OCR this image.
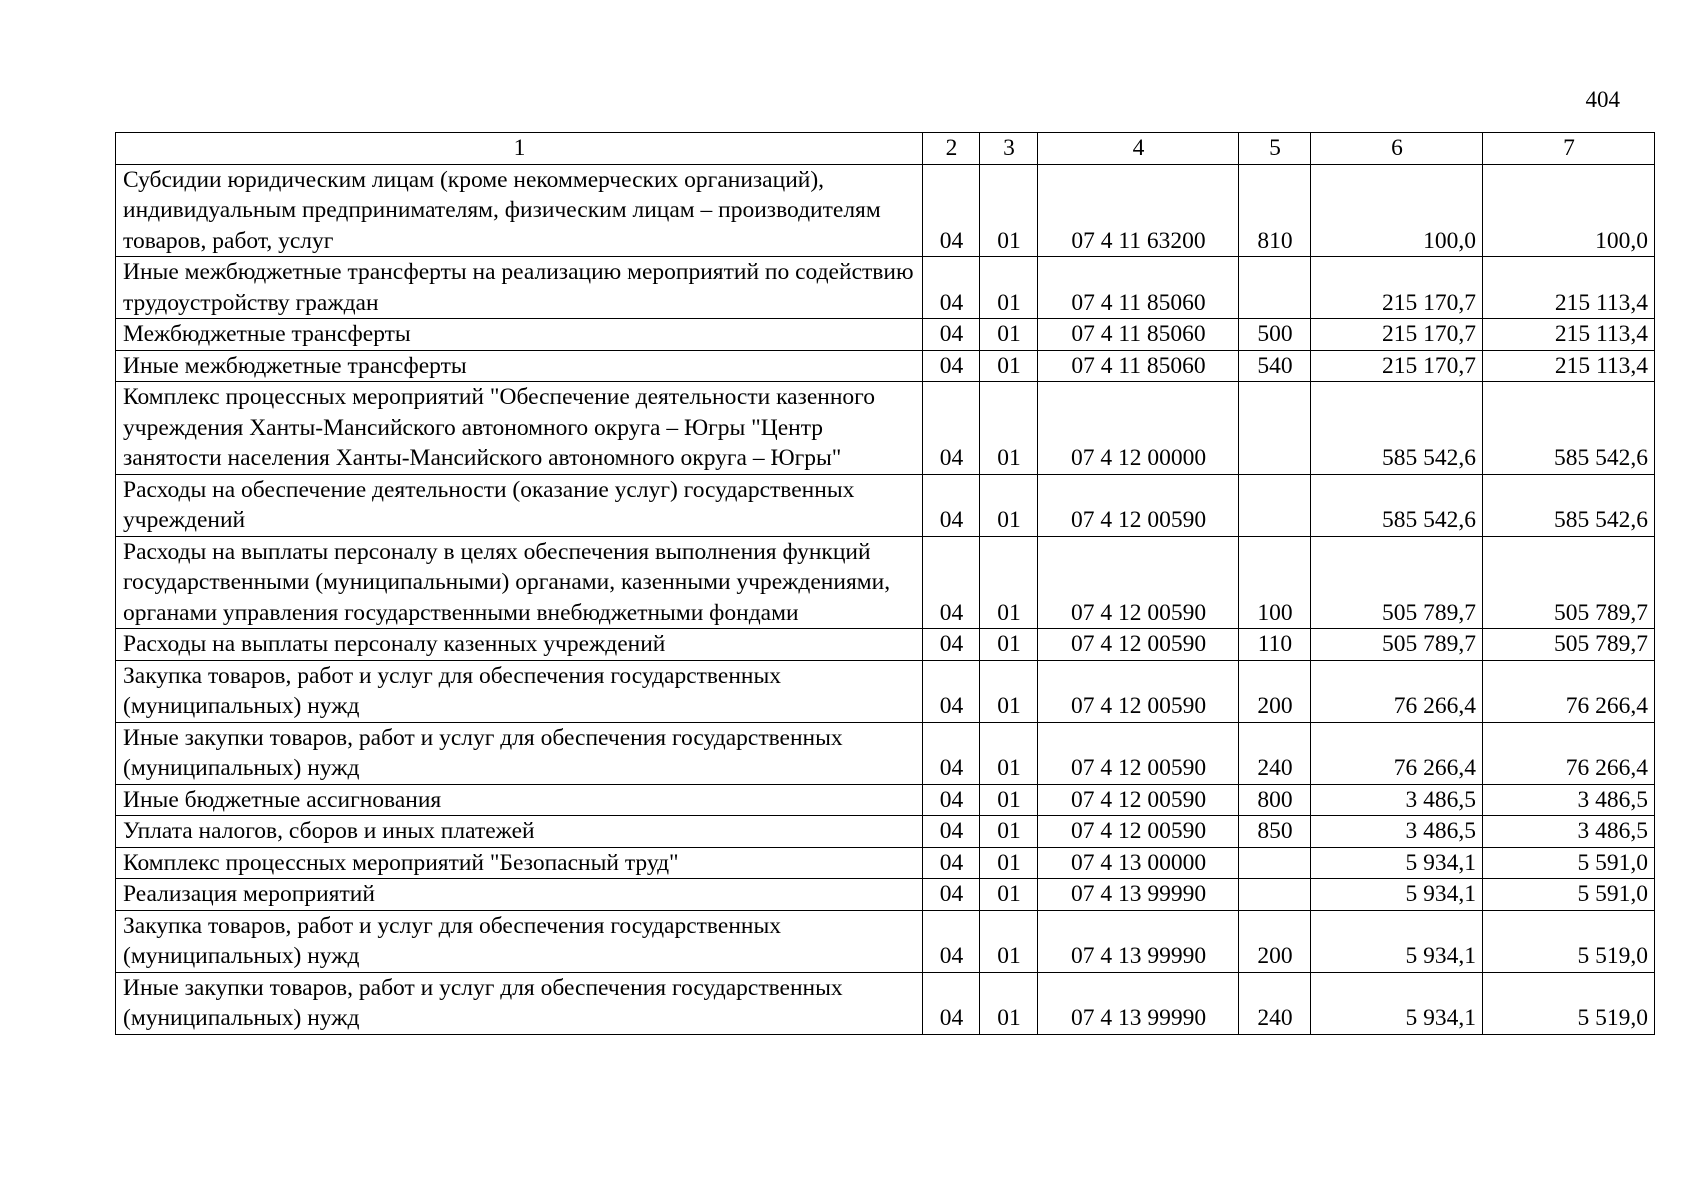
404
1	2	3	4	5	6	7
Субсидии юридическим лицам (кроме некоммерческих организаций), индивидуальным предпринимателям, физическим лицам – производителям товаров, работ, услуг	04	01	07 4 11 63200	810	100,0	100,0
Иные межбюджетные трансферты на реализацию мероприятий по содействию трудоустройству граждан	04	01	07 4 11 85060		215 170,7	215 113,4
Межбюджетные трансферты	04	01	07 4 11 85060	500	215 170,7	215 113,4
Иные межбюджетные трансферты	04	01	07 4 11 85060	540	215 170,7	215 113,4
Комплекс процессных мероприятий "Обеспечение деятельности казенного учреждения Ханты-Мансийского автономного округа – Югры "Центр занятости населения Ханты-Мансийского автономного округа – Югры"	04	01	07 4 12 00000		585 542,6	585 542,6
Расходы на обеспечение деятельности (оказание услуг) государственных учреждений	04	01	07 4 12 00590		585 542,6	585 542,6
Расходы на выплаты персоналу в целях обеспечения выполнения функций государственными (муниципальными) органами, казенными учреждениями, органами управления государственными внебюджетными фондами	04	01	07 4 12 00590	100	505 789,7	505 789,7
Расходы на выплаты персоналу казенных учреждений	04	01	07 4 12 00590	110	505 789,7	505 789,7
Закупка товаров, работ и услуг для обеспечения государственных (муниципальных) нужд	04	01	07 4 12 00590	200	76 266,4	76 266,4
Иные закупки товаров, работ и услуг для обеспечения государственных (муниципальных) нужд	04	01	07 4 12 00590	240	76 266,4	76 266,4
Иные бюджетные ассигнования	04	01	07 4 12 00590	800	3 486,5	3 486,5
Уплата налогов, сборов и иных платежей	04	01	07 4 12 00590	850	3 486,5	3 486,5
Комплекс процессных мероприятий "Безопасный труд"	04	01	07 4 13 00000		5 934,1	5 591,0
Реализация мероприятий	04	01	07 4 13 99990		5 934,1	5 591,0
Закупка товаров, работ и услуг для обеспечения государственных (муниципальных) нужд	04	01	07 4 13 99990	200	5 934,1	5 519,0
Иные закупки товаров, работ и услуг для обеспечения государственных (муниципальных) нужд	04	01	07 4 13 99990	240	5 934,1	5 519,0
